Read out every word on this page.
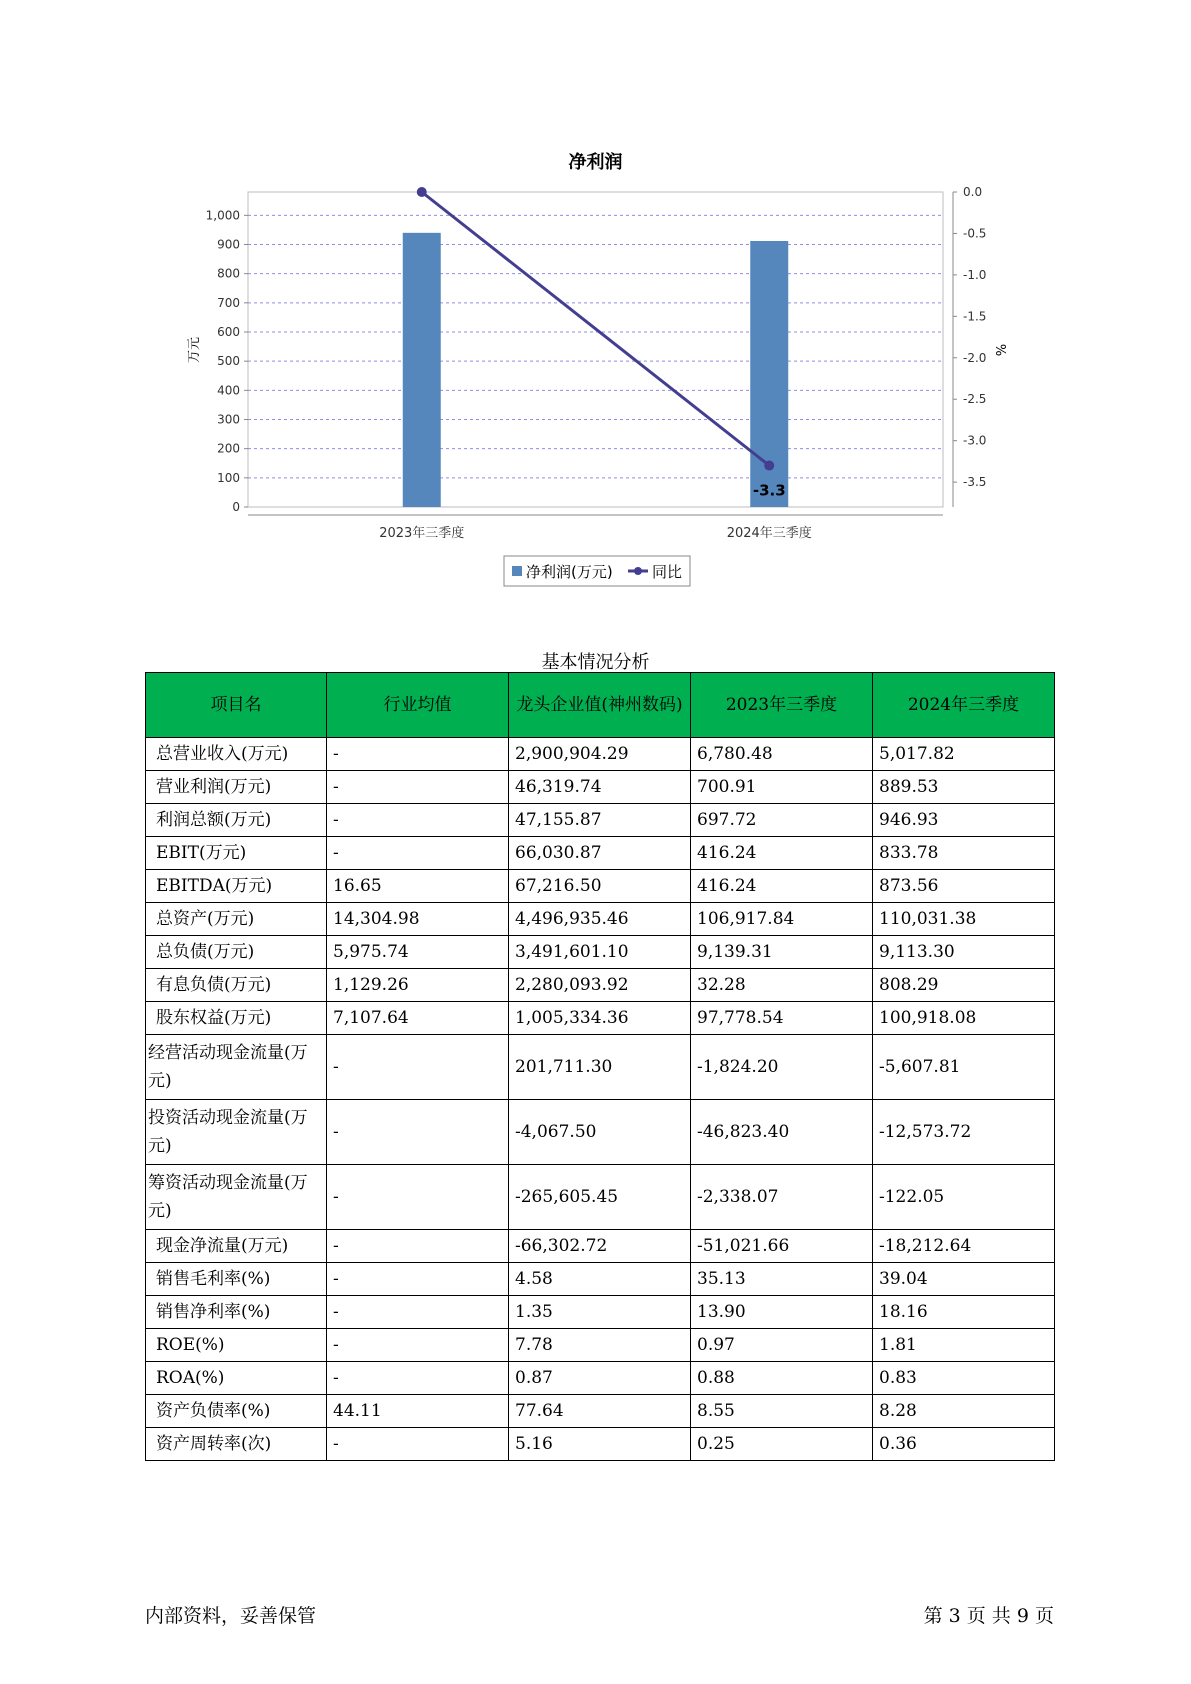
0
100
200
300
400
500
600
700
800
900
1,000
0.0
-0.5
-1.0
-1.5
-2.0
-2.5
-3.0
-3.5
2023年三季度	2024年三季度
-3.3
净利润
万元	%
净利润(万元)	同比
基本情况分析
项目名	行业均值	龙头企业值(神州数码)	2023年三季度	2024年三季度
总营业收入(万元)	-	2,900,904.29	6,780.48	5,017.82
营业利润(万元)	-	46,319.74	700.91	889.53
利润总额(万元)	-	47,155.87	697.72	946.93
EBIT(万元)	-	66,030.87	416.24	833.78
EBITDA(万元)	16.65	67,216.50	416.24	873.56
总资产(万元)	14,304.98	4,496,935.46	106,917.84	110,031.38
总负债(万元)	5,975.74	3,491,601.10	9,139.31	9,113.30
有息负债(万元)	1,129.26	2,280,093.92	32.28	808.29
股东权益(万元)	7,107.64	1,005,334.36	97,778.54	100,918.08
经营活动现金流量(万元)	-	201,711.30	-1,824.20	-5,607.81
投资活动现金流量(万元)	-	-4,067.50	-46,823.40	-12,573.72
筹资活动现金流量(万元)	-	-265,605.45	-2,338.07	-122.05
现金净流量(万元)	-	-66,302.72	-51,021.66	-18,212.64
销售毛利率(%)	-	4.58	35.13	39.04
销售净利率(%)	-	1.35	13.90	18.16
ROE(%)	-	7.78	0.97	1.81
ROA(%)	-	0.87	0.88	0.83
资产负债率(%)	44.11	77.64	8.55	8.28
资产周转率(次)	-	5.16	0.25	0.36
内部资料，妥善保管	第 3 页 共 9 页
